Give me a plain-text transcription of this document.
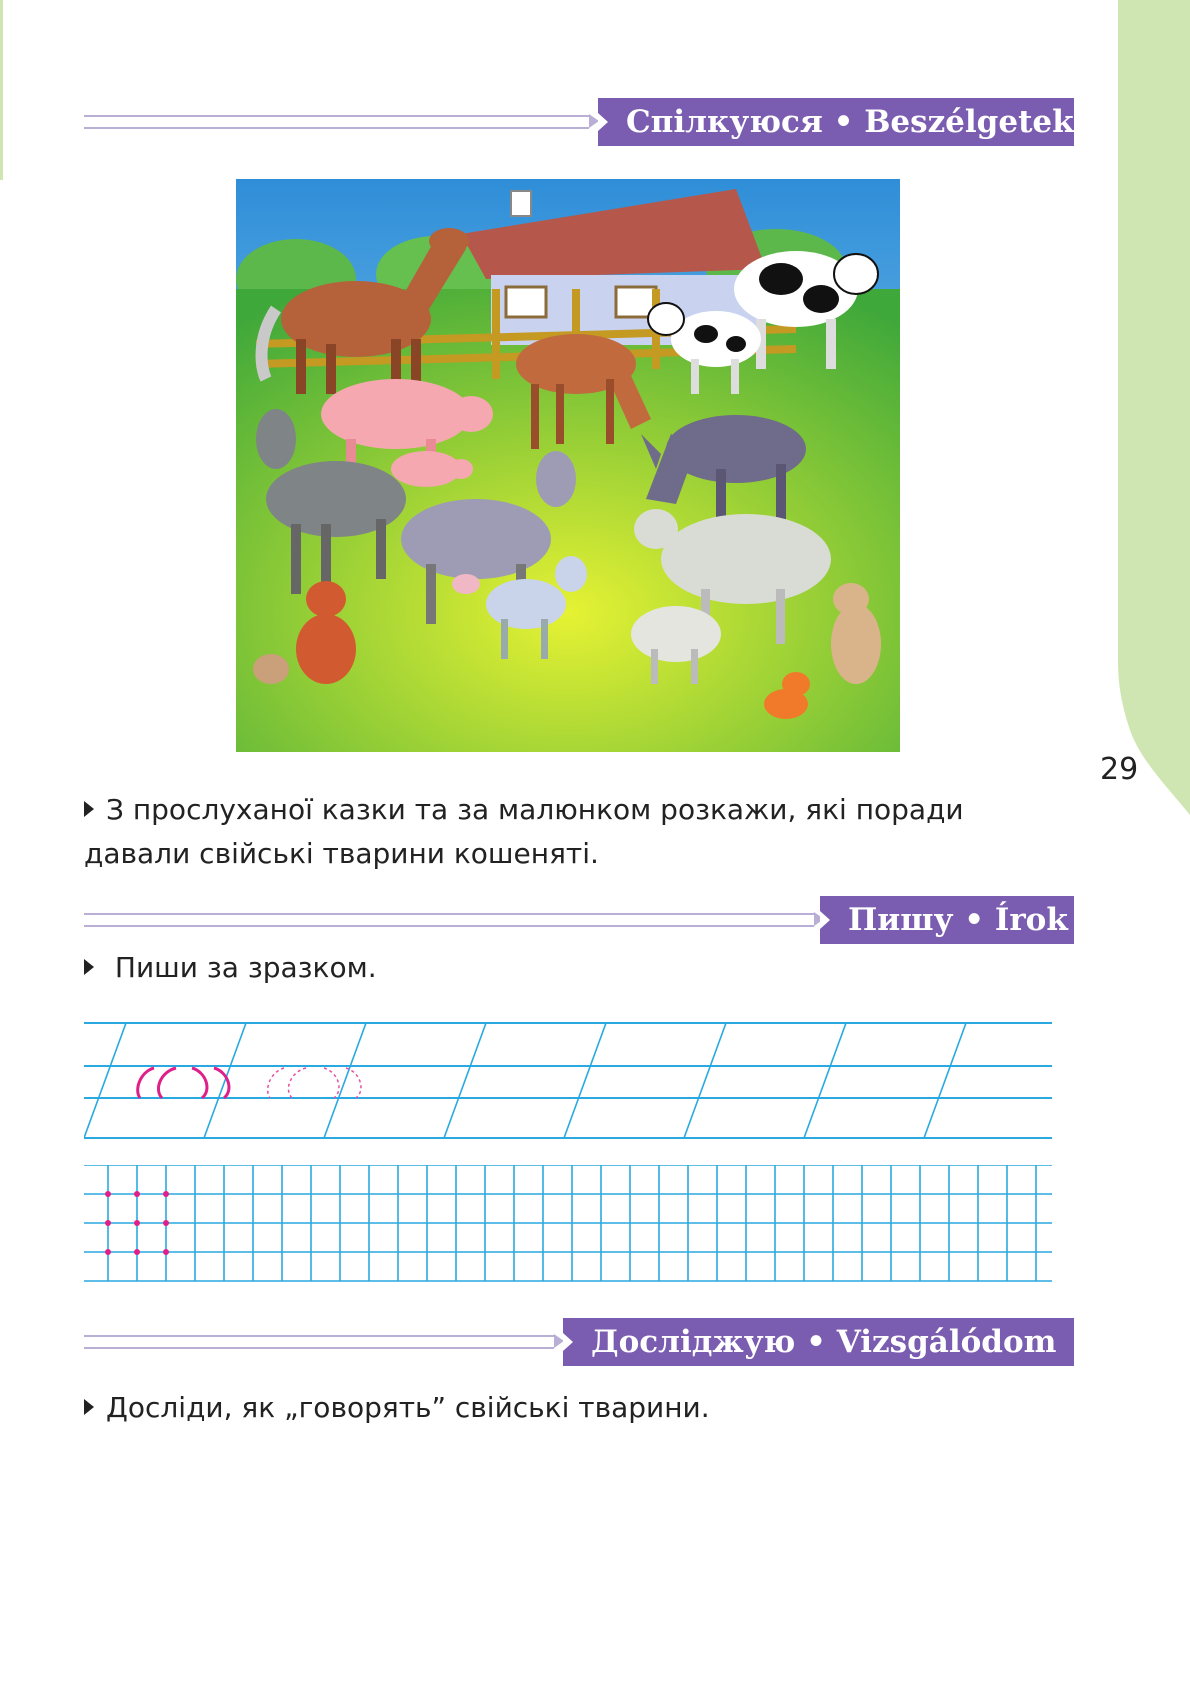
29
Спілкуюся • Beszélgetek
З прослуханої казки та за малюнком розкажи, які поради давали свійські тварини кошеняті.
Пишу • Írok
Пиши за зразком.
Досліджую • Vizsgálódom
Досліди, як „говорять” свійські тварини.
